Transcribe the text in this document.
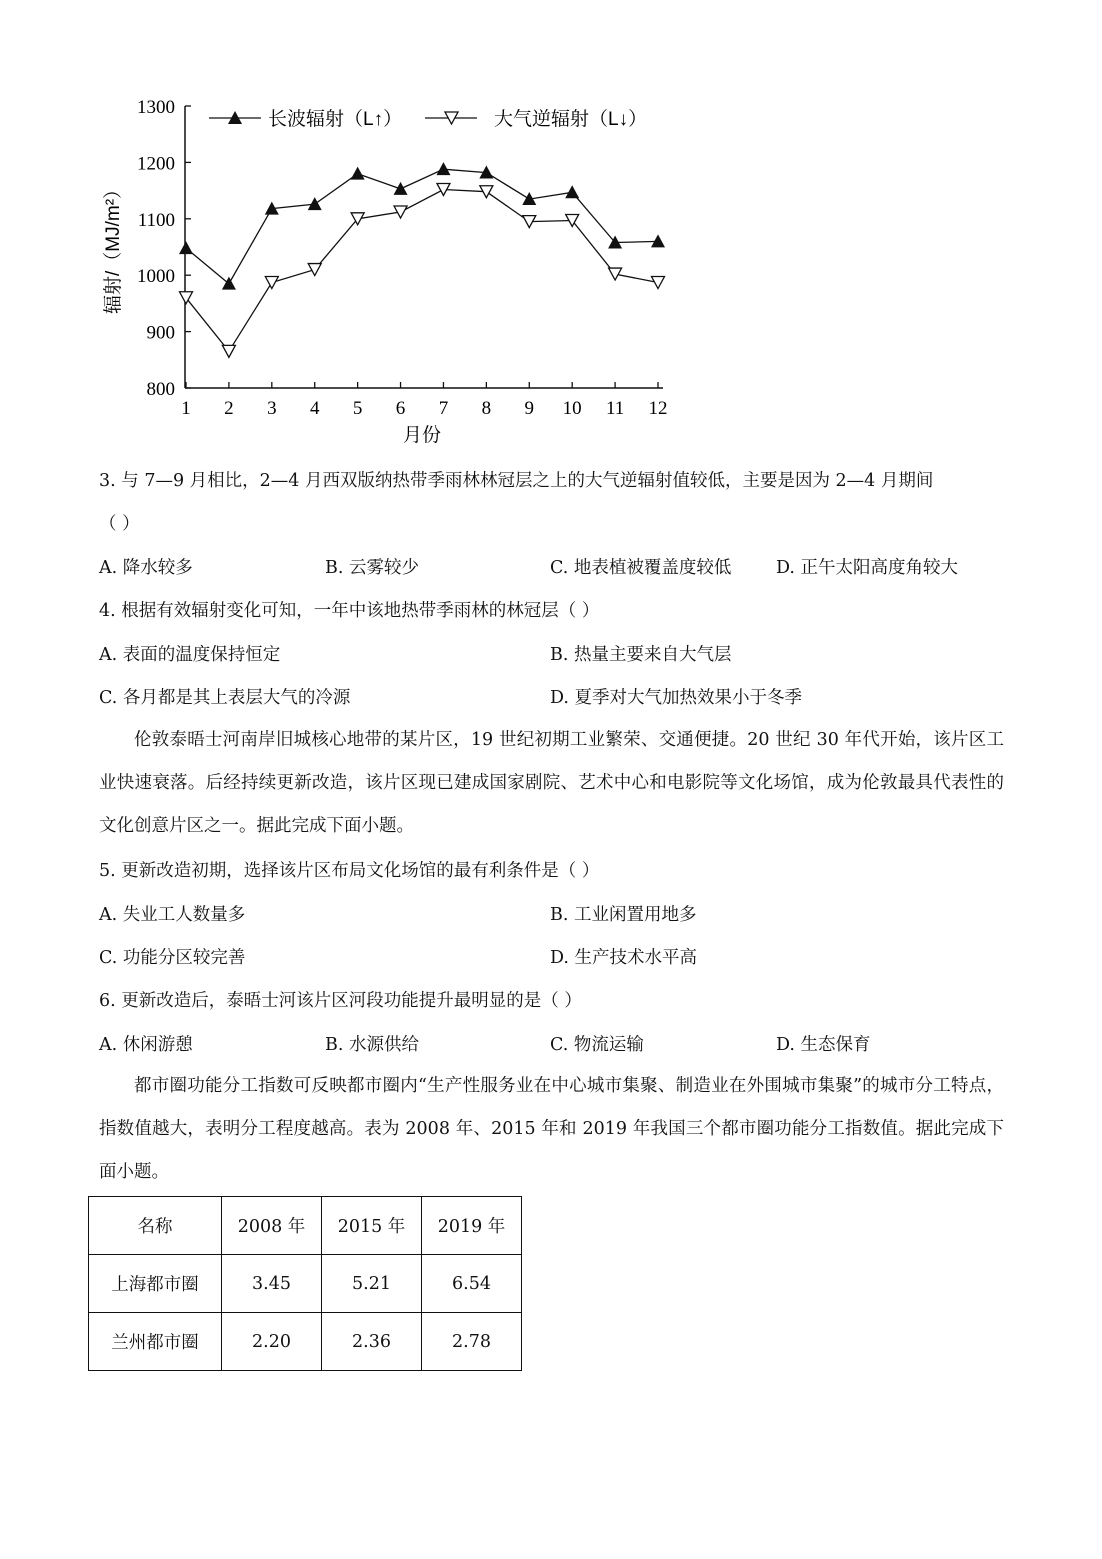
800
900
1000
1100
1200
1300
1 2 3 4 5 6 7 8 9 10 11 12
辐射/（MJ/m²）
月份
长波辐射（L↑）	大气逆辐射（L↓）
3. 与 7—9 月相比，2—4 月西双版纳热带季雨林林冠层之上的大气逆辐射值较低，主要是因为 2—4 月期间
（ ）
A. 降水较多	B. 云雾较少	C. 地表植被覆盖度较低	D. 正午太阳高度角较大
4. 根据有效辐射变化可知，一年中该地热带季雨林的林冠层（ ）
A. 表面的温度保持恒定	B. 热量主要来自大气层
C. 各月都是其上表层大气的冷源	D. 夏季对大气加热效果小于冬季
伦敦泰晤士河南岸旧城核心地带的某片区，19 世纪初期工业繁荣、交通便捷。20 世纪 30 年代开始，该片区工业快速衰落。后经持续更新改造，该片区现已建成国家剧院、艺术中心和电影院等文化场馆，成为伦敦最具代表性的文化创意片区之一。据此完成下面小题。
5. 更新改造初期，选择该片区布局文化场馆的最有利条件是（ ）
A. 失业工人数量多	B. 工业闲置用地多
C. 功能分区较完善	D. 生产技术水平高
6. 更新改造后，泰晤士河该片区河段功能提升最明显的是（ ）
A. 休闲游憩	B. 水源供给	C. 物流运输	D. 生态保育
都市圈功能分工指数可反映都市圈内“生产性服务业在中心城市集聚、制造业在外围城市集聚”的城市分工特点，指数值越大，表明分工程度越高。表为 2008 年、2015 年和 2019 年我国三个都市圈功能分工指数值。据此完成下面小题。
名称	2008 年	2015 年	2019 年
上海都市圈	3.45	5.21	6.54
兰州都市圈	2.20	2.36	2.78
